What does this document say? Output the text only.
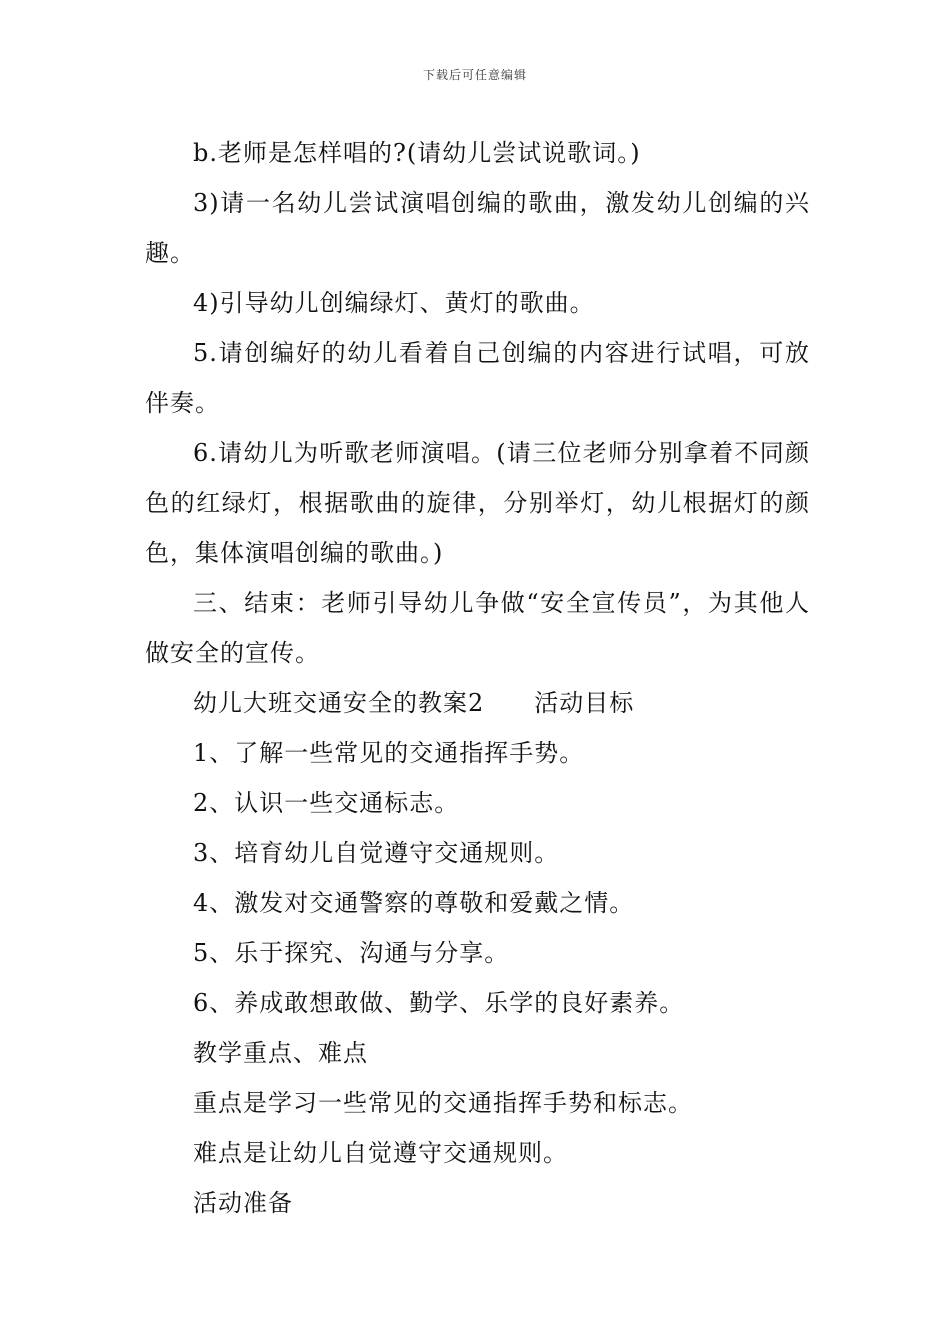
下载后可任意编辑

b.老师是怎样唱的?(请幼儿尝试说歌词。)

3)请一名幼儿尝试演唱创编的歌曲，激发幼儿创编的兴趣。

4)引导幼儿创编绿灯、黄灯的歌曲。

5.请创编好的幼儿看着自己创编的内容进行试唱，可放伴奏。

6.请幼儿为听歌老师演唱。(请三位老师分别拿着不同颜色的红绿灯，根据歌曲的旋律，分别举灯，幼儿根据灯的颜色，集体演唱创编的歌曲。)

三、结束：老师引导幼儿争做“安全宣传员”，为其他人做安全的宣传。

幼儿大班交通安全的教案2　　活动目标

1、了解一些常见的交通指挥手势。

2、认识一些交通标志。

3、培育幼儿自觉遵守交通规则。

4、激发对交通警察的尊敬和爱戴之情。

5、乐于探究、沟通与分享。

6、养成敢想敢做、勤学、乐学的良好素养。

教学重点、难点

重点是学习一些常见的交通指挥手势和标志。

难点是让幼儿自觉遵守交通规则。

活动准备
